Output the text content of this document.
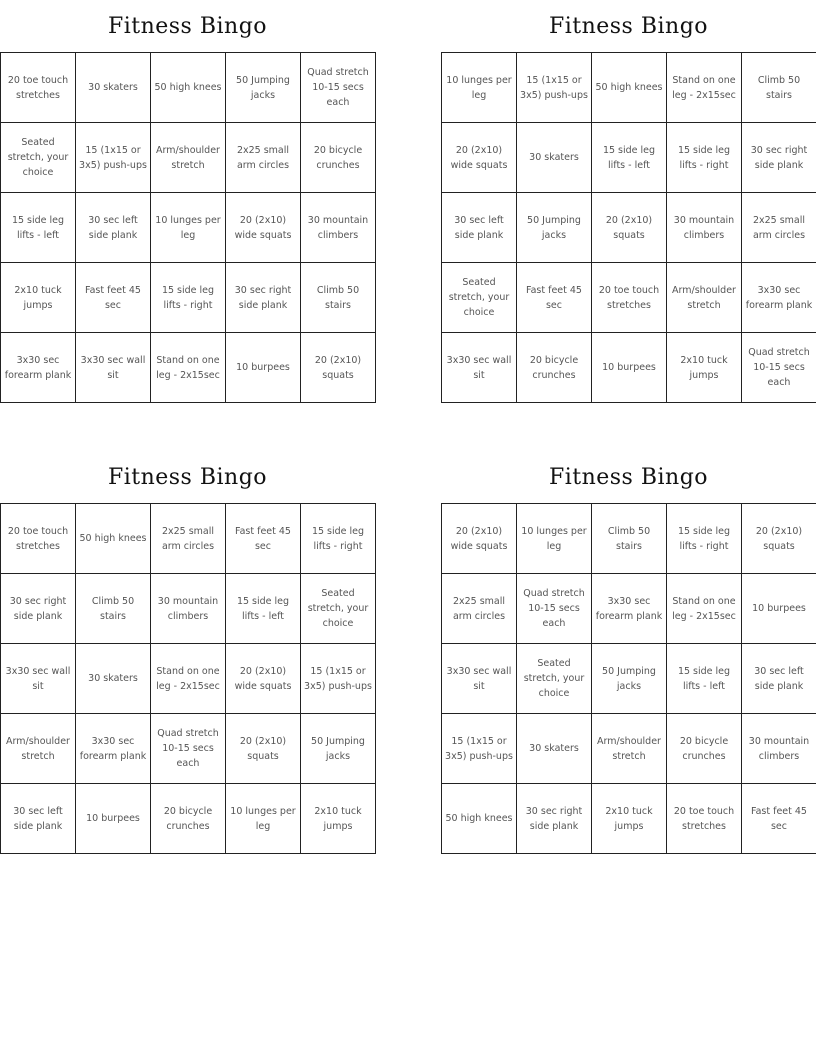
Fitness Bingo
20 toe touch stretches
30 skaters	50 high knees
50 Jumping jacks
Quad stretch 10-15 secs each
Seated stretch, your choice
15 (1x15 or 3x5) push-ups
Arm/shoulder stretch
2x25 small arm circles
20 bicycle crunches
15 side leg lifts - left
30 sec left side plank
10 lunges per leg
20 (2x10) wide squats
30 mountain climbers
2x10 tuck jumps
Fast feet 45 sec
15 side leg lifts - right
30 sec right side plank
Climb 50 stairs
3x30 sec forearm plank
3x30 sec wall sit
Stand on one leg - 2x15sec
10 burpees
20 (2x10) squats
Fitness Bingo
10 lunges per leg
15 (1x15 or 3x5) push-ups
50 high knees
Stand on one leg - 2x15sec
Climb 50 stairs
20 (2x10) wide squats
30 skaters
15 side leg lifts - left
15 side leg lifts - right
30 sec right side plank
30 sec left side plank
50 Jumping jacks
20 (2x10) squats
30 mountain climbers
2x25 small arm circles
Seated stretch, your choice
Fast feet 45 sec
20 toe touch stretches
Arm/shoulder stretch
3x30 sec forearm plank
3x30 sec wall sit
20 bicycle crunches
10 burpees
2x10 tuck jumps
Quad stretch 10-15 secs each
Fitness Bingo
20 toe touch stretches
50 high knees
2x25 small arm circles
Fast feet 45 sec
15 side leg lifts - right
30 sec right side plank
Climb 50 stairs
30 mountain climbers
15 side leg lifts - left
Seated stretch, your choice
3x30 sec wall sit
30 skaters
Stand on one leg - 2x15sec
20 (2x10) wide squats
15 (1x15 or 3x5) push-ups
Arm/shoulder stretch
3x30 sec forearm plank
Quad stretch 10-15 secs each
20 (2x10) squats
50 Jumping jacks
30 sec left side plank
10 burpees
20 bicycle crunches
10 lunges per leg
2x10 tuck jumps
Fitness Bingo
20 (2x10) wide squats
10 lunges per leg
Climb 50 stairs
15 side leg lifts - right
20 (2x10) squats
2x25 small arm circles
Quad stretch 10-15 secs each
3x30 sec forearm plank
Stand on one leg - 2x15sec
10 burpees
3x30 sec wall sit
Seated stretch, your choice
50 Jumping jacks
15 side leg lifts - left
30 sec left side plank
15 (1x15 or 3x5) push-ups
30 skaters
Arm/shoulder stretch
20 bicycle crunches
30 mountain climbers
50 high knees
30 sec right side plank
2x10 tuck jumps
20 toe touch stretches
Fast feet 45 sec
